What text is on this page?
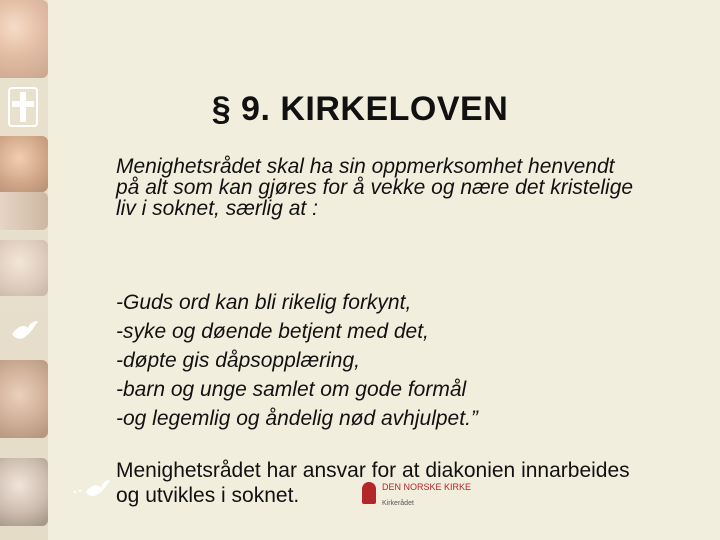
§ 9. KIRKELOVEN
Menighetsrådet skal ha sin oppmerksomhet henvendt på alt som kan gjøres for å vekke og nære det kristelige liv i soknet, særlig at :
-Guds ord kan bli rikelig forkynt,
-syke og døende betjent med det,
-døpte gis dåpsopplæring,
-barn og unge samlet om gode formål
-og legemlig og åndelig nød avhjulpet.”
DEN NORSKE KIRKE
Kirkerådet
Menighetsrådet har ansvar for at diakonien innarbeides og utvikles i soknet.
